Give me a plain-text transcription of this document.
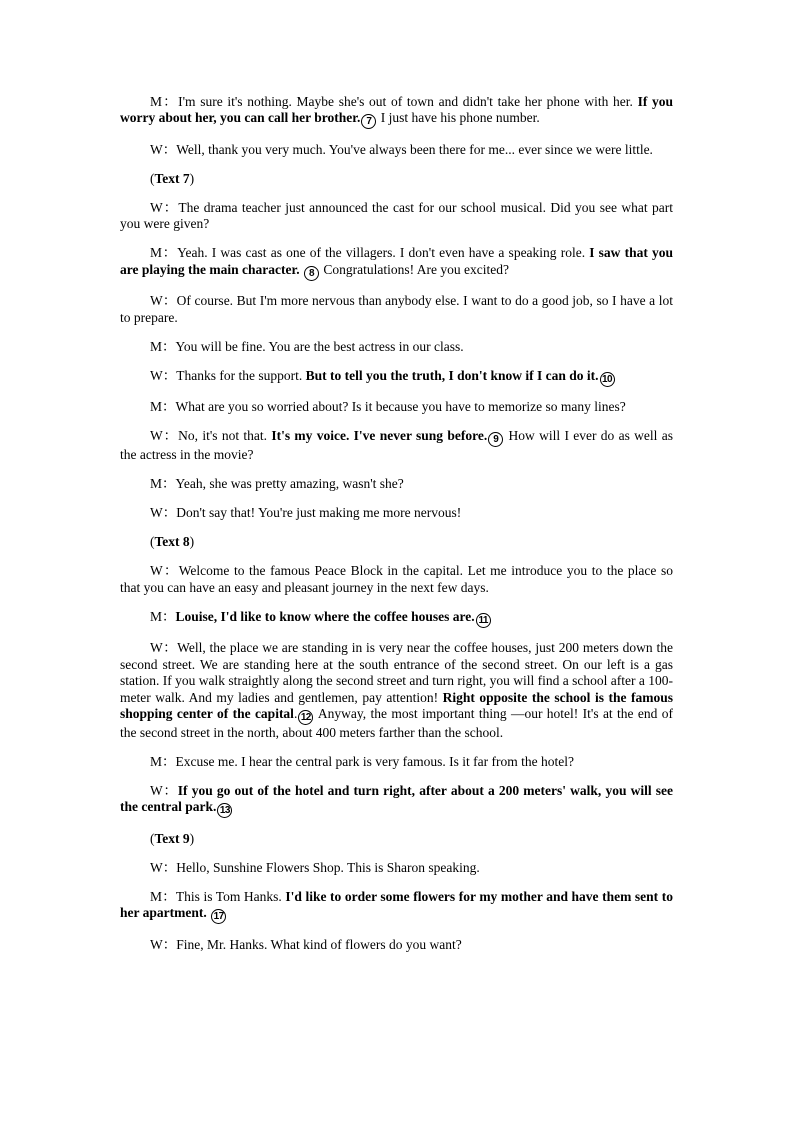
M：I'm sure it's nothing. Maybe she's out of town and didn't take her phone with her. If you worry about her, you can call her brother. 7 I just have his phone number.

W：Well, thank you very much. You've always been there for me... ever since we were little.

(Text 7)

W：The drama teacher just announced the cast for our school musical. Did you see what part you were given?

M：Yeah. I was cast as one of the villagers. I don't even have a speaking role. I saw that you are playing the main character. 8 Congratulations! Are you excited?

W：Of course. But I'm more nervous than anybody else. I want to do a good job, so I have a lot to prepare.

M：You will be fine. You are the best actress in our class.

W：Thanks for the support. But to tell you the truth, I don't know if I can do it. 10

M：What are you so worried about? Is it because you have to memorize so many lines?

W：No, it's not that. It's my voice. I've never sung before. 9 How will I ever do as well as the actress in the movie?

M：Yeah, she was pretty amazing, wasn't she?

W：Don't say that! You're just making me more nervous!

(Text 8)

W：Welcome to the famous Peace Block in the capital. Let me introduce you to the place so that you can have an easy and pleasant journey in the next few days.

M：Louise, I'd like to know where the coffee houses are. 11

W：Well, the place we are standing in is very near the coffee houses, just 200 meters down the second street. We are standing here at the south entrance of the second street. On our left is a gas station. If you walk straightly along the second street and turn right, you will find a school after a 100-meter walk. And my ladies and gentlemen, pay attention! Right opposite the school is the famous shopping center of the capital. 12 Anyway, the most important thing —our hotel! It's at the end of the second street in the north, about 400 meters farther than the school.

M：Excuse me. I hear the central park is very famous. Is it far from the hotel?

W：If you go out of the hotel and turn right, after about a 200 meters' walk, you will see the central park. 13

(Text 9)

W：Hello, Sunshine Flowers Shop. This is Sharon speaking.

M：This is Tom Hanks. I'd like to order some flowers for my mother and have them sent to her apartment. 17

W：Fine, Mr. Hanks. What kind of flowers do you want?
